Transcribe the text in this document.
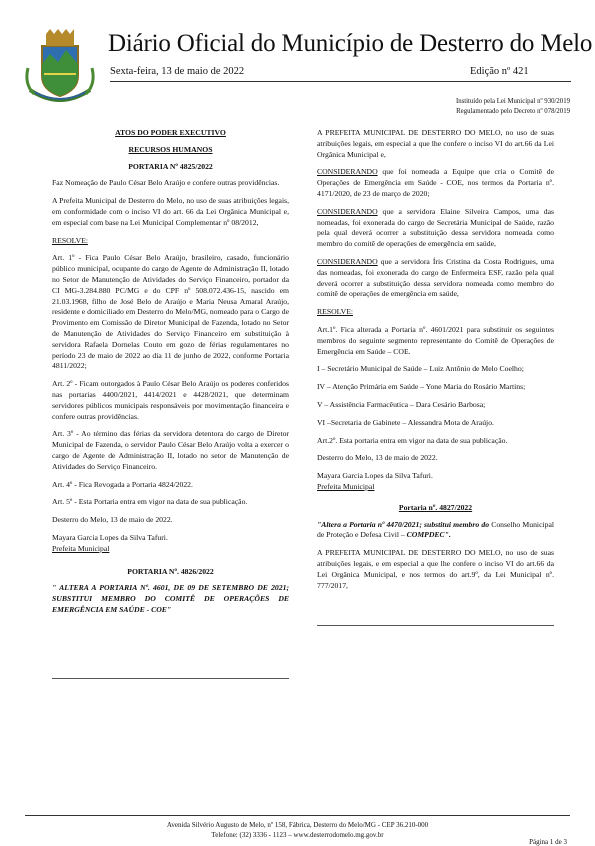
Diário Oficial do Município de Desterro do Melo
Sexta-feira, 13 de maio de 2022	Edição nº 421
Instituído pela Lei Municipal nº 930/2019
Regulamentado pelo Decreto nº 078/2019

ATOS DO PODER EXECUTIVO

RECURSOS HUMANOS

PORTARIA Nº 4825/2022

Faz Nomeação de Paulo César Belo Araújo e confere outras providências.

A Prefeita Municipal de Desterro do Melo, no uso de suas atribuições legais, em conformidade com o inciso VI do art. 66 da Lei Orgânica Municipal e, em especial com base na Lei Municipal Complementar nº 08/2012,

RESOLVE:

Art. 1º - Fica Paulo César Belo Araújo, brasileiro, casado, funcionário público municipal, ocupante do cargo de Agente de Administração II, lotado no Setor de Manutenção de Atividades do Serviço Financeiro, portador da CI MG-3.284.880 PC/MG e do CPF nº 508.072.436-15, nascido em 21.03.1968, filho de José Belo de Araújo e Maria Neusa Amaral Araújo, residente e domiciliado em Desterro do Melo/MG, nomeado para o Cargo de Provimento em Comissão de Diretor Municipal de Fazenda, lotado no Setor de Manutenção de Atividades do Serviço Financeiro em substituição à servidora Rafaela Dornelas Couto em gozo de férias regulamentares no período 23 de maio de 2022 ao dia 11 de junho de 2022, conforme Portaria 4811/2022;

Art. 2º - Ficam outorgados à Paulo César Belo Araújo os poderes conferidos nas portarias 4400/2021, 4414/2021 e 4428/2021, que determinam servidores públicos municipais responsáveis por movimentação financeira e confere outras providências.

Art. 3º - Ao término das férias da servidora detentora do cargo de Diretor Municipal de Fazenda, o servidor Paulo César Belo Araújo volta a exercer o cargo de Agente de Administração II, lotado no setor de Manutenção de Atividades do Serviço Financeiro.

Art. 4º - Fica Revogada a Portaria 4824/2022.

Art. 5º - Esta Portaria entra em vigor na data de sua publicação.

Desterro do Melo, 13 de maio de 2022.

Mayara Garcia Lopes da Silva Tafuri.

Prefeita Municipal

PORTARIA Nº. 4826/2022

" ALTERA A PORTARIA Nº. 4601, DE 09 DE SETEMBRO DE 2021; SUBSTITUI MEMBRO DO COMITÊ DE OPERAÇÕES DE EMERGÊNCIA EM SAÚDE - COE"

A PREFEITA MUNICIPAL DE DESTERRO DO MELO, no uso de suas atribuições legais, em especial a que lhe confere o inciso VI do art.66 da Lei Orgânica Municipal e,

CONSIDERANDO que foi nomeada a Equipe que cria o Comitê de Operações de Emergência em Saúde - COE, nos termos da Portaria nº. 4171/2020, de 23 de março de 2020;

CONSIDERANDO que a servidora Elaine Silveira Campos, uma das nomeadas, foi exonerada do cargo de Secretária Municipal de Saúde, razão pela qual deverá ocorrer a substituição dessa servidora nomeada como membro do comitê de operações de emergência em saúde,

CONSIDERANDO que a servidora Íris Cristina da Costa Rodrigues, uma das nomeadas, foi exonerada do cargo de Enfermeira ESF, razão pela qual deverá ocorrer a substituição dessa servidora nomeada como membro do comitê de operações de emergência em saúde,

RESOLVE:

Art.1º. Fica alterada a Portaria nº. 4601/2021 para substituir os seguintes membros do seguinte segmento representante do Comitê de Operações de Emergência em Saúde – COE.

I – Secretário Municipal de Saúde – Luiz Antônio de Melo Coelho;

IV – Atenção Primária em Saúde – Yone Maria do Rosário Martins;

V – Assistência Farmacêutica – Dara Cesário Barbosa;

VI –Secretaria de Gabinete – Alessandra Mota de Araújo.

Art.2º. Esta portaria entra em vigor na data de sua publicação.

Desterro do Melo, 13 de maio de 2022.

Mayara Garcia Lopes da Silva Tafuri.

Prefeita Municipal

Portaria nº. 4827/2022

"Altera a Portaria nº 4470/2021; substitui membro do Conselho Municipal de Proteção e Defesa Civil – COMPDEC".

A PREFEITA MUNICIPAL DE DESTERRO DO MELO, no uso de suas atribuições legais, e em especial a que lhe confere o inciso VI do art.66 da Lei Orgânica Municipal, e nos termos do art.9º, da Lei Municipal nº. 777/2017,

Avenida Silvério Augusto de Melo, nº 158, Fábrica, Desterro do Melo/MG - CEP 36.210-000
Telefone: (32) 3336 - 1123 – www.desterrodomelo.mg.gov.br
Página 1 de 3
